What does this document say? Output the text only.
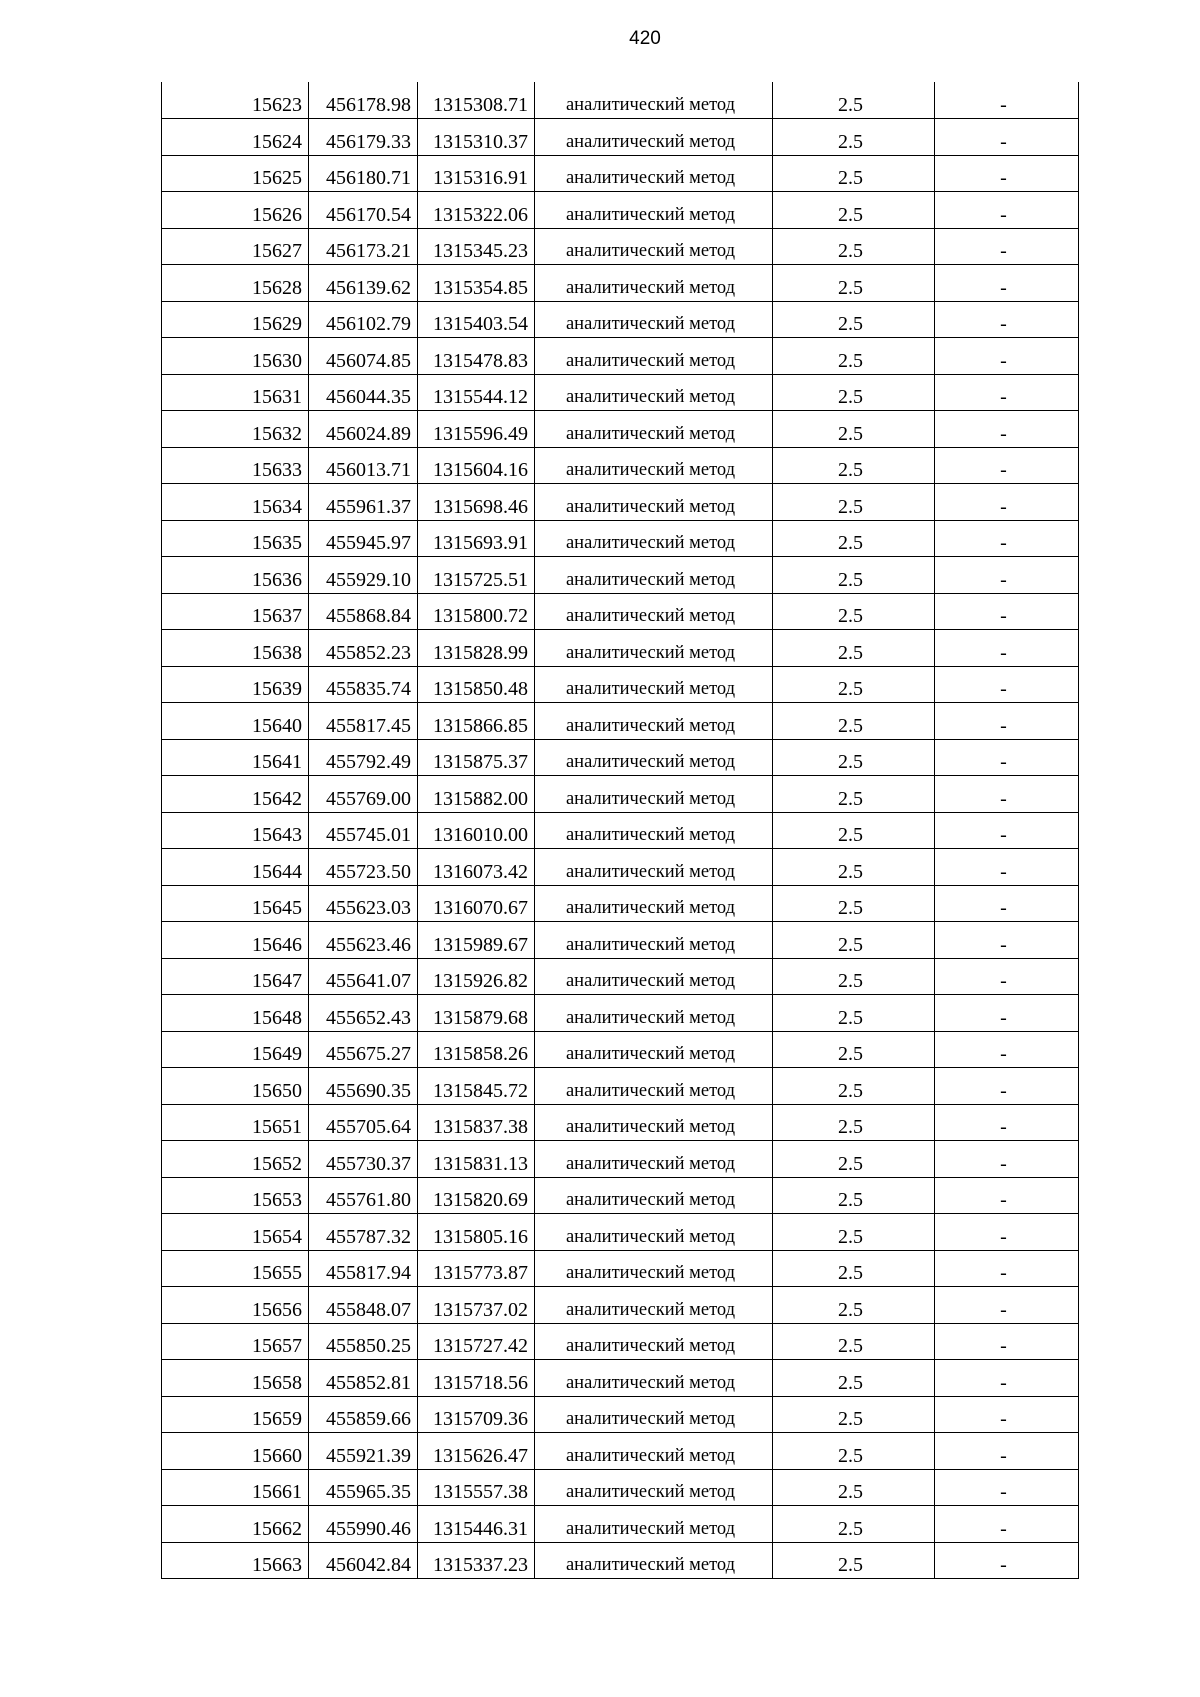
420
15623	456178.98	1315308.71	аналитический метод	2.5	-
15624	456179.33	1315310.37	аналитический метод	2.5	-
15625	456180.71	1315316.91	аналитический метод	2.5	-
15626	456170.54	1315322.06	аналитический метод	2.5	-
15627	456173.21	1315345.23	аналитический метод	2.5	-
15628	456139.62	1315354.85	аналитический метод	2.5	-
15629	456102.79	1315403.54	аналитический метод	2.5	-
15630	456074.85	1315478.83	аналитический метод	2.5	-
15631	456044.35	1315544.12	аналитический метод	2.5	-
15632	456024.89	1315596.49	аналитический метод	2.5	-
15633	456013.71	1315604.16	аналитический метод	2.5	-
15634	455961.37	1315698.46	аналитический метод	2.5	-
15635	455945.97	1315693.91	аналитический метод	2.5	-
15636	455929.10	1315725.51	аналитический метод	2.5	-
15637	455868.84	1315800.72	аналитический метод	2.5	-
15638	455852.23	1315828.99	аналитический метод	2.5	-
15639	455835.74	1315850.48	аналитический метод	2.5	-
15640	455817.45	1315866.85	аналитический метод	2.5	-
15641	455792.49	1315875.37	аналитический метод	2.5	-
15642	455769.00	1315882.00	аналитический метод	2.5	-
15643	455745.01	1316010.00	аналитический метод	2.5	-
15644	455723.50	1316073.42	аналитический метод	2.5	-
15645	455623.03	1316070.67	аналитический метод	2.5	-
15646	455623.46	1315989.67	аналитический метод	2.5	-
15647	455641.07	1315926.82	аналитический метод	2.5	-
15648	455652.43	1315879.68	аналитический метод	2.5	-
15649	455675.27	1315858.26	аналитический метод	2.5	-
15650	455690.35	1315845.72	аналитический метод	2.5	-
15651	455705.64	1315837.38	аналитический метод	2.5	-
15652	455730.37	1315831.13	аналитический метод	2.5	-
15653	455761.80	1315820.69	аналитический метод	2.5	-
15654	455787.32	1315805.16	аналитический метод	2.5	-
15655	455817.94	1315773.87	аналитический метод	2.5	-
15656	455848.07	1315737.02	аналитический метод	2.5	-
15657	455850.25	1315727.42	аналитический метод	2.5	-
15658	455852.81	1315718.56	аналитический метод	2.5	-
15659	455859.66	1315709.36	аналитический метод	2.5	-
15660	455921.39	1315626.47	аналитический метод	2.5	-
15661	455965.35	1315557.38	аналитический метод	2.5	-
15662	455990.46	1315446.31	аналитический метод	2.5	-
15663	456042.84	1315337.23	аналитический метод	2.5	-
